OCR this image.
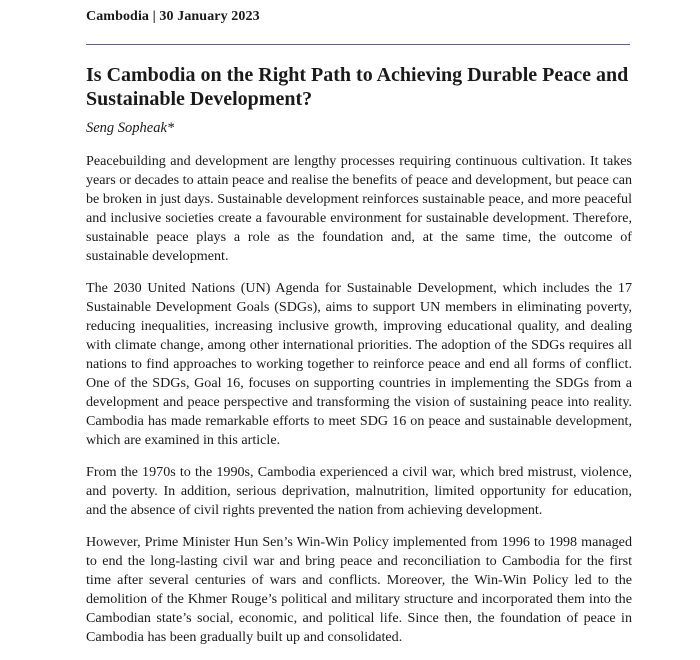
Cambodia | 30 January 2023
Is Cambodia on the Right Path to Achieving Durable Peace and Sustainable Development?
Seng Sopheak*

Peacebuilding and development are lengthy processes requiring continuous cultivation. It takes years or decades to attain peace and realise the benefits of peace and development, but peace can be broken in just days. Sustainable development reinforces sustainable peace, and more peaceful and inclusive societies create a favourable environment for sustainable development. Therefore, sustainable peace plays a role as the foundation and, at the same time, the outcome of sustainable development.

The 2030 United Nations (UN) Agenda for Sustainable Development, which includes the 17 Sustainable Development Goals (SDGs), aims to support UN members in eliminating poverty, reducing inequalities, increasing inclusive growth, improving educational quality, and dealing with climate change, among other international priorities. The adoption of the SDGs requires all nations to find approaches to working together to reinforce peace and end all forms of conflict. One of the SDGs, Goal 16, focuses on supporting countries in implementing the SDGs from a development and peace perspective and transforming the vision of sustaining peace into reality. Cambodia has made remarkable efforts to meet SDG 16 on peace and sustainable development, which are examined in this article.

From the 1970s to the 1990s, Cambodia experienced a civil war, which bred mistrust, violence, and poverty. In addition, serious deprivation, malnutrition, limited opportunity for education, and the absence of civil rights prevented the nation from achieving development.

However, Prime Minister Hun Sen’s Win-Win Policy implemented from 1996 to 1998 managed to end the long-lasting civil war and bring peace and reconciliation to Cambodia for the first time after several centuries of wars and conflicts. Moreover, the Win-Win Policy led to the demolition of the Khmer Rouge’s political and military structure and incorporated them into the Cambodian state’s social, economic, and political life. Since then, the foundation of peace in Cambodia has been gradually built up and consolidated.
